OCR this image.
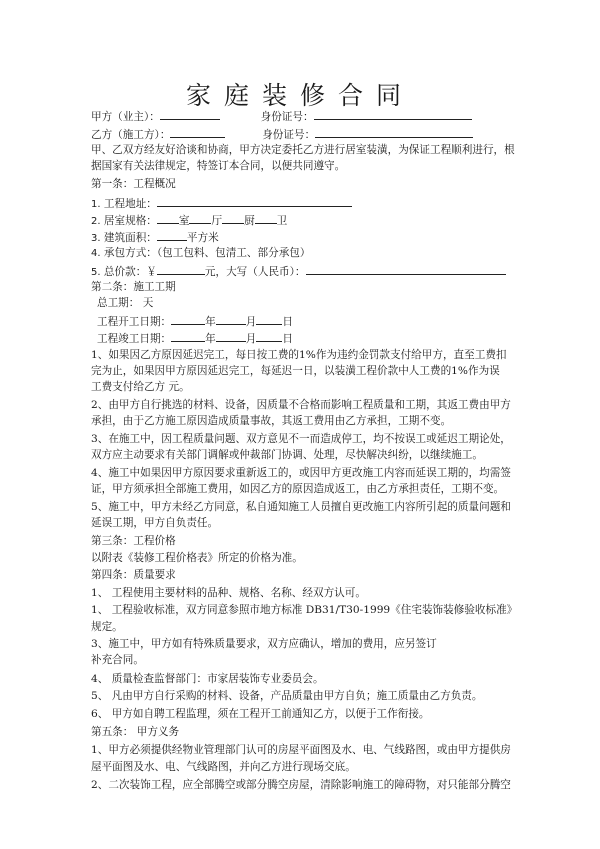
家庭装修合同
甲方（业主）：	身份证号：
乙方（施工方）：	身份证号：
甲、乙双方经友好洽谈和协商，甲方决定委托乙方进行居室装潢，为保证工程顺利进行，根
据国家有关法律规定，特签订本合同，以便共同遵守。
第一条：工程概况
1. 工程地址：
2. 居室规格： 室 厅 厨 卫
3. 建筑面积：	平方米
4. 承包方式：（包工包料、包清工、部分承包）
5. 总价款：￥	元，大写（人民币）：
第二条：施工工期
总工期： 天
工程开工日期：	年	月 日
工程竣工日期：	年	月 日
1、如果因乙方原因延迟完工，每日按工费的1%作为违约金罚款支付给甲方，直至工费扣
完为止，如果因甲方原因延迟完工，每延迟一日，以装潢工程价款中人工费的1%作为误
工费支付给乙方 元。
2、由甲方自行挑选的材料、设备，因质量不合格而影响工程质量和工期，其返工费由甲方
承担，由于乙方施工原因造成质量事故，其返工费用由乙方承担，工期不变。
3、在施工中，因工程质量问题、双方意见不一而造成停工，均不按误工或延迟工期论处，
双方应主动要求有关部门调解或仲裁部门协调、处理，尽快解决纠纷，以继续施工。
4、施工中如果因甲方原因要求重新返工的，或因甲方更改施工内容而延误工期的，均需签
证，甲方须承担全部施工费用，如因乙方的原因造成返工，由乙方承担责任，工期不变。
5、施工中，甲方未经乙方同意，私自通知施工人员擅自更改施工内容所引起的质量问题和
延误工期，甲方自负责任。
第三条：工程价格
以附表《装修工程价格表》所定的价格为准。
第四条：质量要求
1、 工程使用主要材料的品种、规格、名称、经双方认可。
1、 工程验收标准，双方同意参照市地方标准 DB31/T30-1999《住宅装饰装修验收标准》
规定。
3、施工中，甲方如有特殊质量要求，双方应确认，增加的费用，应另签订
补充合同。
4、 质量检查监督部门：市家居装饰专业委员会。
5、 凡由甲方自行采购的材料、设备，产品质量由甲方自负；施工质量由乙方负责。
6、 甲方如自聘工程监理，须在工程开工前通知乙方，以便于工作衔接。
第五条： 甲方义务
1、甲方必须提供经物业管理部门认可的房屋平面图及水、电、气线路图，或由甲方提供房
屋平面图及水、电、气线路图，并向乙方进行现场交底。
2、二次装饰工程，应全部腾空或部分腾空房屋，清除影响施工的障碍物，对只能部分腾空
